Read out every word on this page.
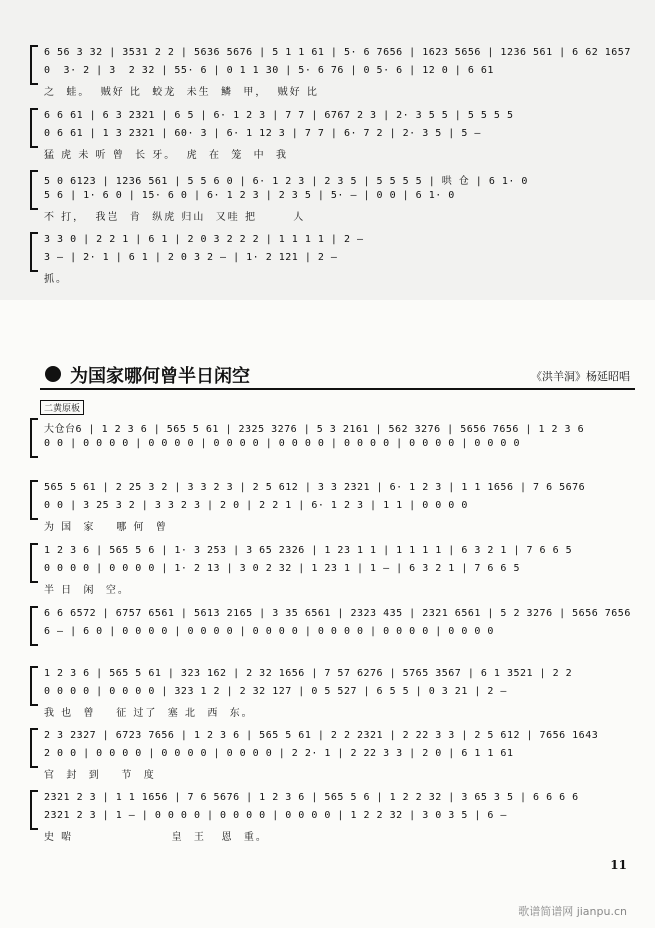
6 56 3 32 | 3531 2 2 | 5636 5676 | 5 1 1 61 | 5· 6 7656 | 1623 5656 | 1236 561 | 6 62 1657
0  3· 2 | 3  2 32 | 55· 6 | 0 1 1 30 | 5· 6 76 | 0 5· 6 | 12 0 | 6 61
之  蛙。  贼好 比  蛟龙  未生  鳞  甲，  贼好 比
6 6 61 | 6 3 2321 | 6 5 | 6· 1 2 3 | 7 7 | 6767 2 3 | 2· 3 5 5 | 5 5 5 5
0 6 61 | 1 3 2321 | 60· 3 | 6· 1 12 3 | 7 7 | 6· 7 2 | 2· 3 5 | 5 —
猛 虎 未 听 曾  长 牙。  虎  在  笼  中  我
5 0 6123 | 1236 561 | 5 5 6 0 | 6· 1 2 3 | 2 3 5 | 5 5 5 5 | 哄 仓 | 6 1· 0
5 6 | 1· 6 0 | 15· 6 0 | 6· 1 2 3 | 2 3 5 | 5· — | 0 0 | 6 1· 0
不 打，  我岂  肯  纵虎 归山  又哇 把       人
3 3 0 | 2 2 1 | 6 1 | 2 0 3 2 2 2 | 1 1 1 1 | 2 —
3 — | 2· 1 | 6 1 | 2 0 3 2 — | 1· 2 121 | 2 —
抓。
为国家哪何曾半日闲空	《洪羊洞》杨延昭唱
二黄原板
大仓台6 | 1 2 3 6 | 565 5 61 | 2325 3276 | 5 3 2161 | 562 3276 | 5656 7656 | 1 2 3 6
0 0 | 0 0 0 0 | 0 0 0 0 | 0 0 0 0 | 0 0 0 0 | 0 0 0 0 | 0 0 0 0 | 0 0 0 0
565 5 61 | 2 25 3 2 | 3 3 2 3 | 2 5 612 | 3 3 2321 | 6· 1 2 3 | 1 1 1656 | 7 6 5676
0 0 | 3 25 3 2 | 3 3 2 3 | 2 0 | 2 2 1 | 6· 1 2 3 | 1 1 | 0 0 0 0
为 国  家    哪 何  曾
1 2 3 6 | 565 5 6 | 1· 3 253 | 3 65 2326 | 1 23 1 1 | 1 1 1 1 | 6 3 2 1 | 7 6 6 5
0 0 0 0 | 0 0 0 0 | 1· 2 13 | 3 0 2 32 | 1 23 1 | 1 — | 6 3 2 1 | 7 6 6 5
半 日  闲  空。
6 6 6572 | 6757 6561 | 5613 2165 | 3 35 6561 | 2323 435 | 2321 6561 | 5 2 3276 | 5656 7656
6 — | 6 0 | 0 0 0 0 | 0 0 0 0 | 0 0 0 0 | 0 0 0 0 | 0 0 0 0 | 0 0 0 0
1 2 3 6 | 565 5 61 | 323 162 | 2 32 1656 | 7 57 6276 | 5765 3567 | 6 1 3521 | 2 2
0 0 0 0 | 0 0 0 0 | 323 1 2 | 2 32 127 | 0 5 527 | 6 5 5 | 0 3 21 | 2 —
我 也  曾    征 过了  塞 北  西  东。
2 3 2327 | 6723 7656 | 1 2 3 6 | 565 5 61 | 2 2 2321 | 2 22 3 3 | 2 5 612 | 7656 1643
2 0 0 | 0 0 0 0 | 0 0 0 0 | 0 0 0 0 | 2 2· 1 | 2 22 3 3 | 2 0 | 6 1 1 61
官  封  到    节  度
2321 2 3 | 1 1 1656 | 7 6 5676 | 1 2 3 6 | 565 5 6 | 1 2 2 32 | 3 65 3 5 | 6 6 6 6
2321 2 3 | 1 — | 0 0 0 0 | 0 0 0 0 | 0 0 0 0 | 1 2 2 32 | 3 0 3 5 | 6 —
史 啱                   皇  王   恩  重。
11
歌谱简谱网 jianpu.cn
